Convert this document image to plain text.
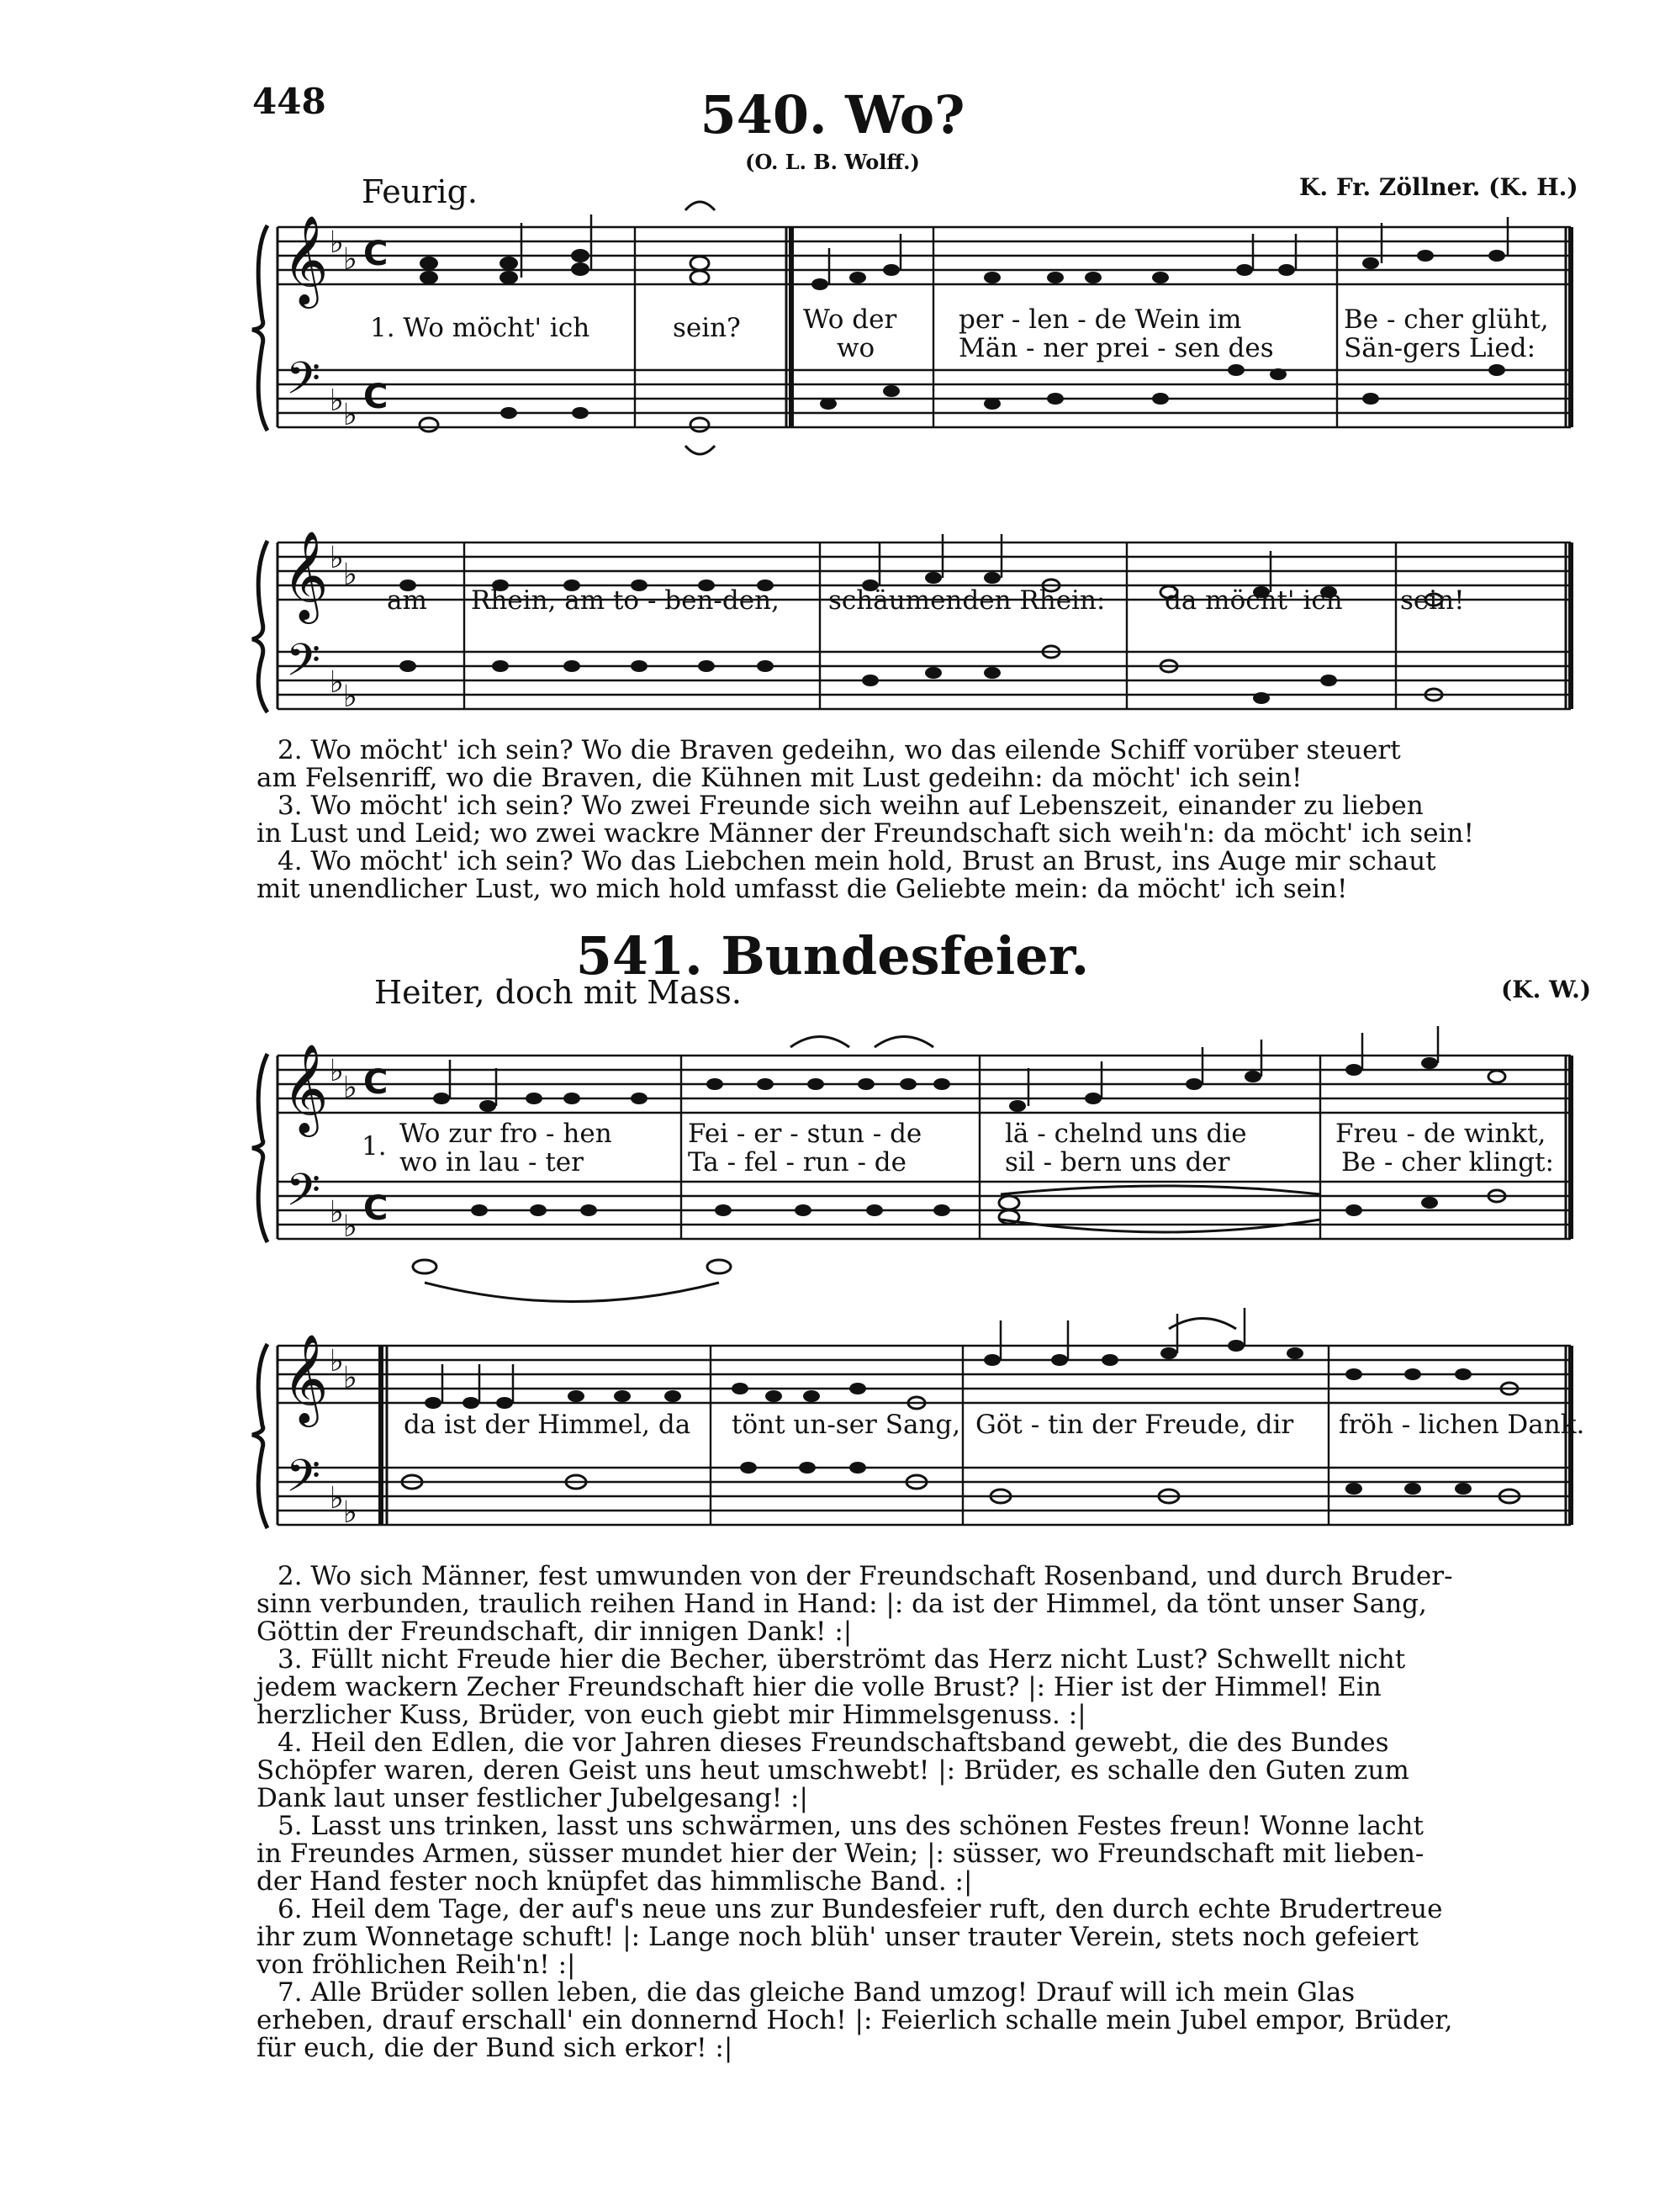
448	540. Wo?
(O. L. B. Wolff.)
Feurig.	K. Fr. Zöllner. (K. H.)
𝄞
𝄢
𝄞
𝄢
𝄞
𝄢
𝄞
𝄢
♭ ♭
♭ ♭
♭ ♭
♭ ♭
♭ ♭
♭ ♭
♭ ♭
♭ ♭
C
C
C
C
1. Wo möcht' ich	sein? Wo der
wo
per - len - de Wein im
Män - ner prei - sen des
Be - cher glüht,
Sän-gers Lied:
am Rhein, am to - ben-den, schäumenden Rhein: da möcht' ich sein!
2. Wo möcht' ich sein? Wo die Braven gedeihn, wo das eilende Schiff vorüber steuert
am Felsenriff, wo die Braven, die Kühnen mit Lust gedeihn: da möcht' ich sein!
3. Wo möcht' ich sein? Wo zwei Freunde sich weihn auf Lebenszeit, einander zu lieben
in Lust und Leid; wo zwei wackre Männer der Freundschaft sich weih'n: da möcht' ich sein!
4. Wo möcht' ich sein? Wo das Liebchen mein hold, Brust an Brust, ins Auge mir schaut
mit unendlicher Lust, wo mich hold umfasst die Geliebte mein: da möcht' ich sein!
541. Bundesfeier.
Heiter, doch mit Mass.	(K. W.)
1. Wo zur fro - hen
wo in lau - ter
Fei - er - stun - de
Ta - fel - run - de
lä - chelnd uns die
sil - bern uns der
Freu - de winkt,
Be - cher klingt:
da ist der Himmel, da tönt un-ser Sang, Göt - tin der Freude, dir fröh - lichen Dank.
2. Wo sich Männer, fest umwunden von der Freundschaft Rosenband, und durch Bruder-
sinn verbunden, traulich reihen Hand in Hand: |: da ist der Himmel, da tönt unser Sang,
Göttin der Freundschaft, dir innigen Dank! :|
3. Füllt nicht Freude hier die Becher, überströmt das Herz nicht Lust? Schwellt nicht
jedem wackern Zecher Freundschaft hier die volle Brust? |: Hier ist der Himmel! Ein
herzlicher Kuss, Brüder, von euch giebt mir Himmelsgenuss. :|
4. Heil den Edlen, die vor Jahren dieses Freundschaftsband gewebt, die des Bundes
Schöpfer waren, deren Geist uns heut umschwebt! |: Brüder, es schalle den Guten zum
Dank laut unser festlicher Jubelgesang! :|
5. Lasst uns trinken, lasst uns schwärmen, uns des schönen Festes freun! Wonne lacht
in Freundes Armen, süsser mundet hier der Wein; |: süsser, wo Freundschaft mit lieben-
der Hand fester noch knüpfet das himmlische Band. :|
6. Heil dem Tage, der auf's neue uns zur Bundesfeier ruft, den durch echte Brudertreue
ihr zum Wonnetage schuft! |: Lange noch blüh' unser trauter Verein, stets noch gefeiert
von fröhlichen Reih'n! :|
7. Alle Brüder sollen leben, die das gleiche Band umzog! Drauf will ich mein Glas
erheben, drauf erschall' ein donnernd Hoch! |: Feierlich schalle mein Jubel empor, Brüder,
für euch, die der Bund sich erkor! :|
